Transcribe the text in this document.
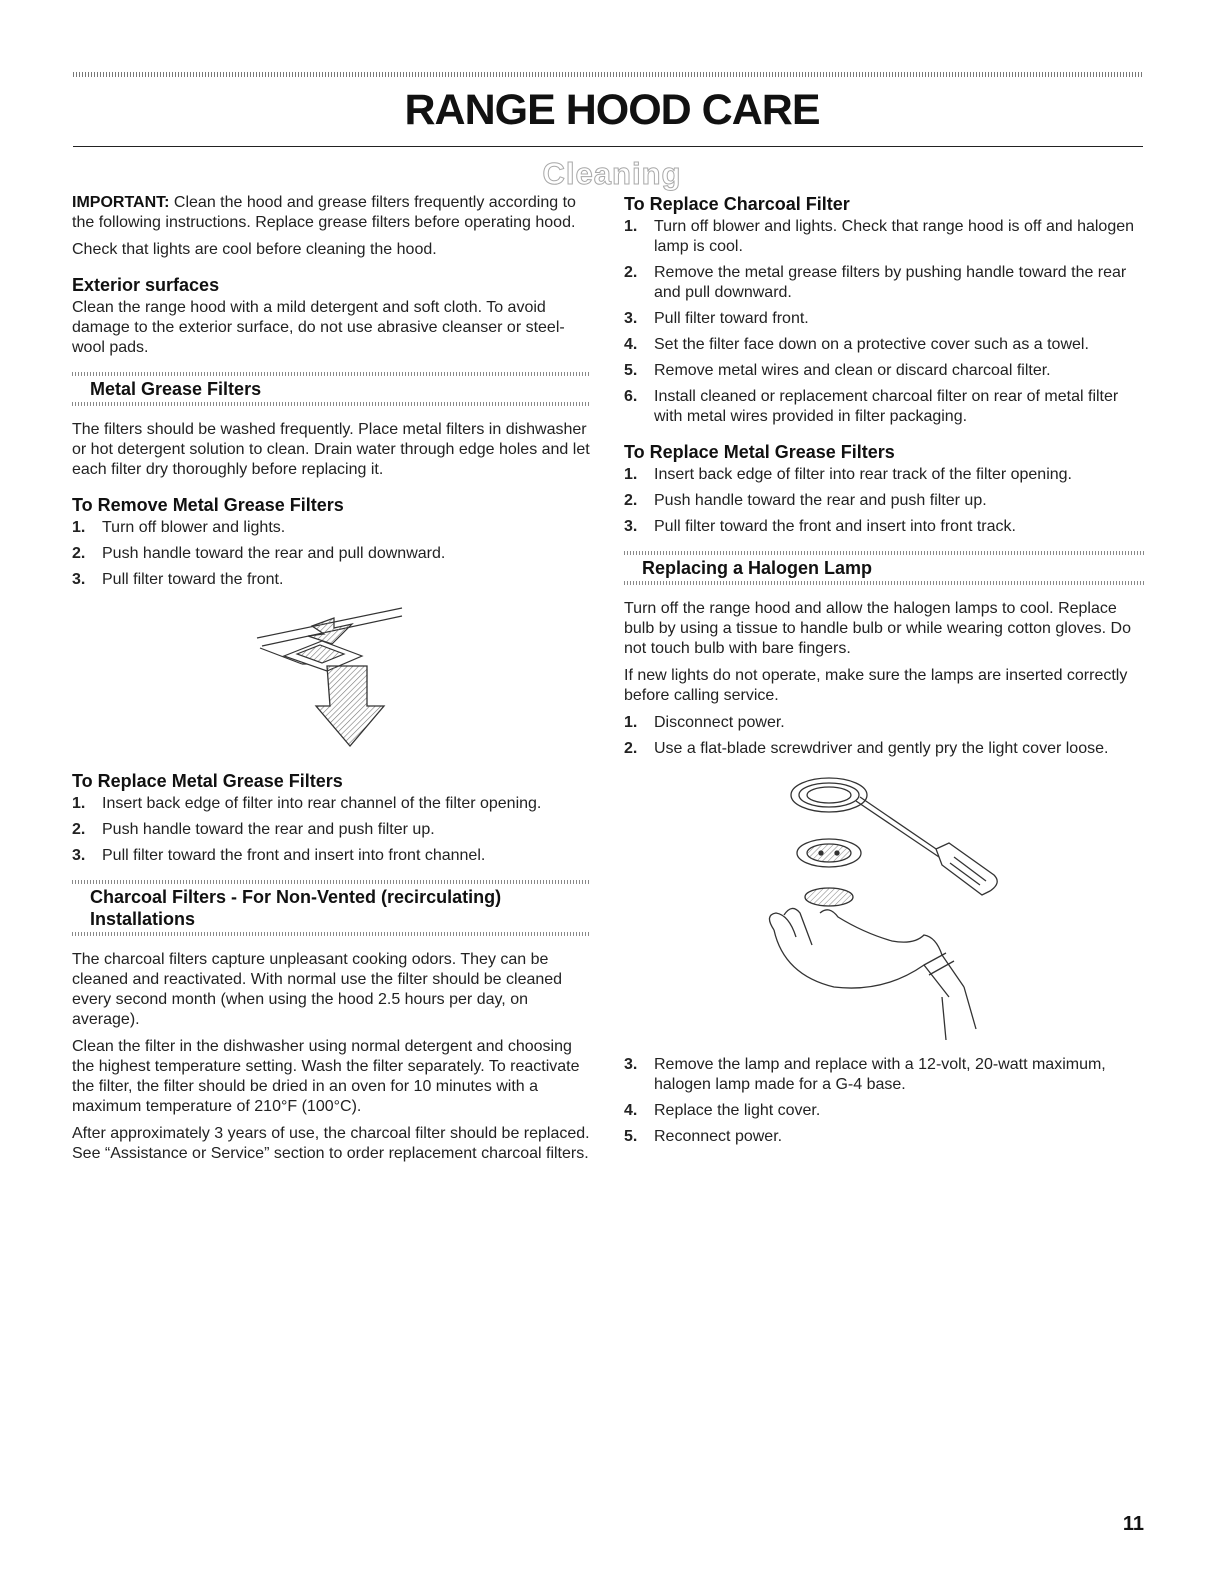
RANGE HOOD CARE
Cleaning

IMPORTANT: Clean the hood and grease filters frequently according to the following instructions. Replace grease filters before operating hood.

Check that lights are cool before cleaning the hood.

Exterior surfaces

Clean the range hood with a mild detergent and soft cloth. To avoid damage to the exterior surface, do not use abrasive cleanser or steel-wool pads.

Metal Grease Filters

The filters should be washed frequently. Place metal filters in dishwasher or hot detergent solution to clean. Drain water through edge holes and let each filter dry thoroughly before replacing it.

To Remove Metal Grease Filters
1. Turn off blower and lights.
2. Push handle toward the rear and pull downward.
3. Pull filter toward the front.
To Replace Metal Grease Filters
1. Insert back edge of filter into rear channel of the filter opening.
2. Push handle toward the rear and push filter up.
3. Pull filter toward the front and insert into front channel.
Charcoal Filters - For Non-Vented (recirculating) Installations

The charcoal filters capture unpleasant cooking odors. They can be cleaned and reactivated. With normal use the filter should be cleaned every second month (when using the hood 2.5 hours per day, on average).

Clean the filter in the dishwasher using normal detergent and choosing the highest temperature setting. Wash the filter separately. To reactivate the filter, the filter should be dried in an oven for 10 minutes with a maximum temperature of 210°F (100°C).

After approximately 3 years of use, the charcoal filter should be replaced. See “Assistance or Service” section to order replacement charcoal filters.

To Replace Charcoal Filter
1. Turn off blower and lights. Check that range hood is off and halogen lamp is cool.
2. Remove the metal grease filters by pushing handle toward the rear and pull downward.
3. Pull filter toward front.
4. Set the filter face down on a protective cover such as a towel.
5. Remove metal wires and clean or discard charcoal filter.
6. Install cleaned or replacement charcoal filter on rear of metal filter with metal wires provided in filter packaging.
To Replace Metal Grease Filters
1. Insert back edge of filter into rear track of the filter opening.
2. Push handle toward the rear and push filter up.
3. Pull filter toward the front and insert into front track.
Replacing a Halogen Lamp

Turn off the range hood and allow the halogen lamps to cool. Replace bulb by using a tissue to handle bulb or while wearing cotton gloves. Do not touch bulb with bare fingers.

If new lights do not operate, make sure the lamps are inserted correctly before calling service.

1. Disconnect power.
2. Use a flat-blade screwdriver and gently pry the light cover loose.
3. Remove the lamp and replace with a 12-volt, 20-watt maximum, halogen lamp made for a G-4 base.
4. Replace the light cover.
5. Reconnect power.
11
